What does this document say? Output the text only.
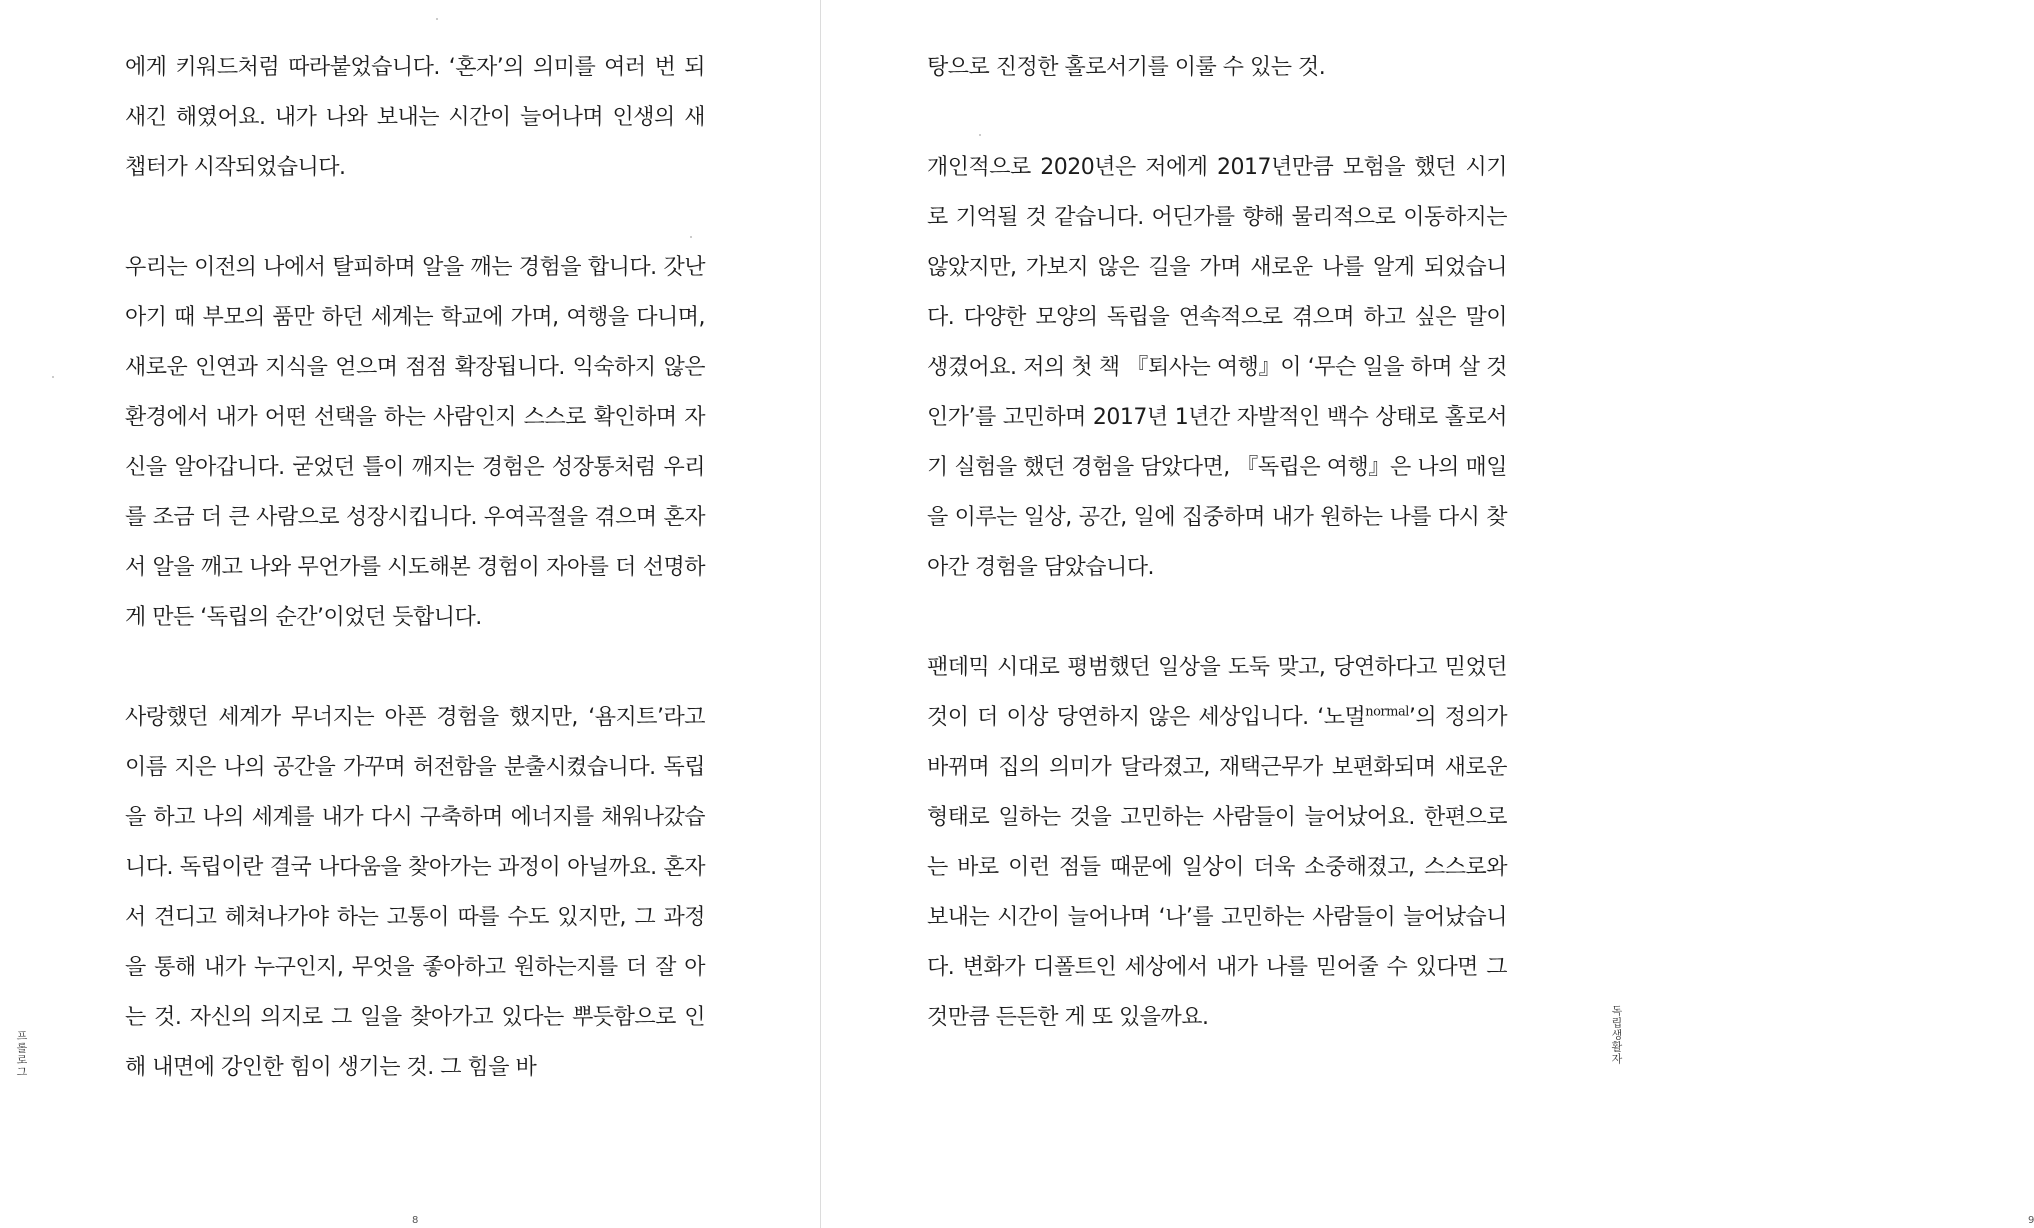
에게 키워드처럼 따라붙었습니다. ‘혼자’의 의미를 여러 번 되새긴 해였어요. 내가 나와 보내는 시간이 늘어나며 인생의 새 챕터가 시작되었습니다.

우리는 이전의 나에서 탈피하며 알을 깨는 경험을 합니다. 갓난아기 때 부모의 품만 하던 세계는 학교에 가며, 여행을 다니며, 새로운 인연과 지식을 얻으며 점점 확장됩니다. 익숙하지 않은 환경에서 내가 어떤 선택을 하는 사람인지 스스로 확인하며 자신을 알아갑니다. 굳었던 틀이 깨지는 경험은 성장통처럼 우리를 조금 더 큰 사람으로 성장시킵니다. 우여곡절을 겪으며 혼자서 알을 깨고 나와 무언가를 시도해본 경험이 자아를 더 선명하게 만든 ‘독립의 순간’이었던 듯합니다.

사랑했던 세계가 무너지는 아픈 경험을 했지만, ‘욤지트’라고 이름 지은 나의 공간을 가꾸며 허전함을 분출시켰습니다. 독립을 하고 나의 세계를 내가 다시 구축하며 에너지를 채워나갔습니다. 독립이란 결국 나다움을 찾아가는 과정이 아닐까요. 혼자서 견디고 헤쳐나가야 하는 고통이 따를 수도 있지만, 그 과정을 통해 내가 누구인지, 무엇을 좋아하고 원하는지를 더 잘 아는 것. 자신의 의지로 그 일을 찾아가고 있다는 뿌듯함으로 인해 내면에 강인한 힘이 생기는 것. 그 힘을 바

프롤로그
8

탕으로 진정한 홀로서기를 이룰 수 있는 것.

개인적으로 2020년은 저에게 2017년만큼 모험을 했던 시기로 기억될 것 같습니다. 어딘가를 향해 물리적으로 이동하지는 않았지만, 가보지 않은 길을 가며 새로운 나를 알게 되었습니다. 다양한 모양의 독립을 연속적으로 겪으며 하고 싶은 말이 생겼어요. 저의 첫 책 『퇴사는 여행』이 ‘무슨 일을 하며 살 것인가’를 고민하며 2017년 1년간 자발적인 백수 상태로 홀로서기 실험을 했던 경험을 담았다면, 『독립은 여행』은 나의 매일을 이루는 일상, 공간, 일에 집중하며 내가 원하는 나를 다시 찾아간 경험을 담았습니다.

팬데믹 시대로 평범했던 일상을 도둑 맞고, 당연하다고 믿었던 것이 더 이상 당연하지 않은 세상입니다. ‘노멀$^{normal}$’의 정의가 바뀌며 집의 의미가 달라졌고, 재택근무가 보편화되며 새로운 형태로 일하는 것을 고민하는 사람들이 늘어났어요. 한편으로는 바로 이런 점들 때문에 일상이 더욱 소중해졌고, 스스로와 보내는 시간이 늘어나며 ‘나’를 고민하는 사람들이 늘어났습니다. 변화가 디폴트인 세상에서 내가 나를 믿어줄 수 있다면 그것만큼 든든한 게 또 있을까요.	독립생활자
9
